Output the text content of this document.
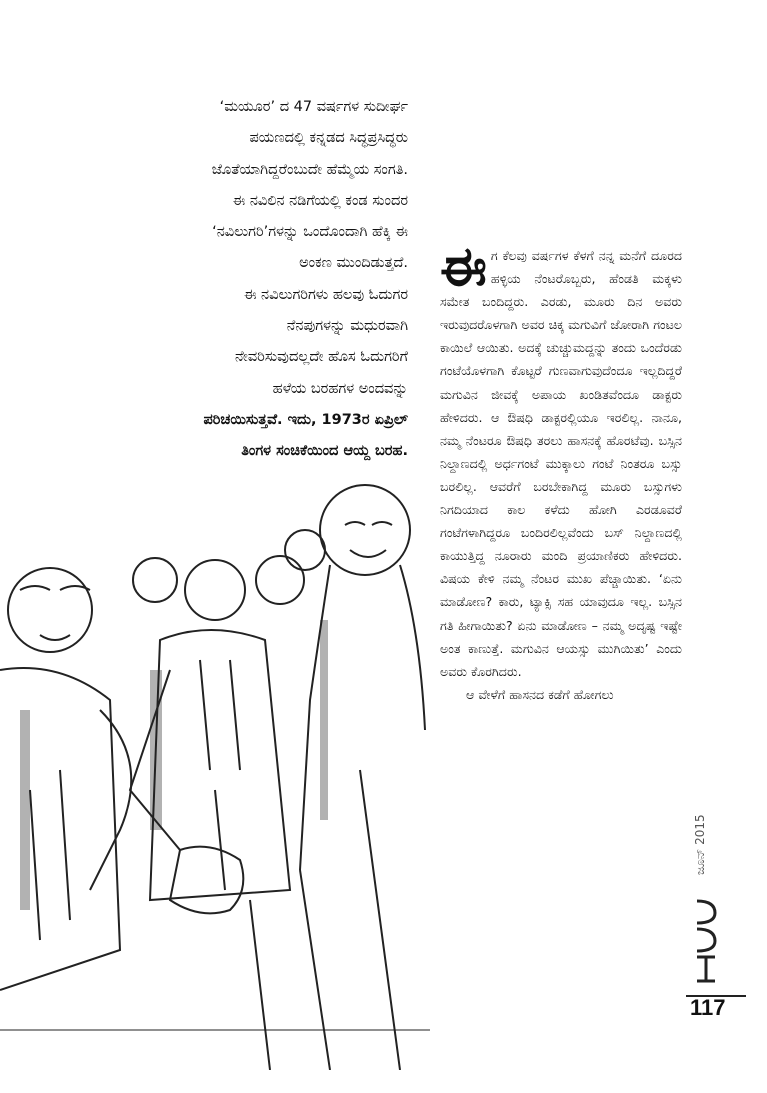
‘ಮಯೂರ’ ದ 47 ವರ್ಷಗಳ ಸುದೀರ್ಘ

ಪಯಣದಲ್ಲಿ ಕನ್ನಡದ ಸಿದ್ಧಪ್ರಸಿದ್ಧರು

ಜೊತೆಯಾಗಿದ್ದರೆಂಬುದೇ ಹೆಮ್ಮೆಯ ಸಂಗತಿ.

ಈ ನವಿಲಿನ ನಡಿಗೆಯಲ್ಲಿ ಕಂಡ ಸುಂದರ

‘ನವಿಲುಗರಿ’ಗಳನ್ನು ಒಂದೊಂದಾಗಿ ಹೆಕ್ಕಿ ಈ

ಅಂಕಣ ಮುಂದಿಡುತ್ತದೆ.

ಈ ನವಿಲುಗರಿಗಳು ಹಲವು ಓದುಗರ

ನೆನಪುಗಳನ್ನು ಮಧುರವಾಗಿ

ನೇವರಿಸುವುದಲ್ಲದೇ ಹೊಸ ಓದುಗರಿಗೆ

ಹಳೆಯ ಬರಹಗಳ ಅಂದವನ್ನು

ಪರಿಚಯಿಸುತ್ತವೆ. ಇದು, 1973ರ ಏಪ್ರಿಲ್

ತಿಂಗಳ ಸಂಚಿಕೆಯಿಂದ ಆಯ್ದ ಬರಹ.

ಈಗ ಕೆಲವು ವರ್ಷಗಳ ಕೆಳಗೆ ನನ್ನ ಮನೆಗೆ ದೂರದ ಹಳ್ಳಿಯ ನೆಂಟರೊಬ್ಬರು, ಹೆಂಡತಿ ಮಕ್ಕಳು ಸಮೇತ ಬಂದಿದ್ದರು. ಎರಡು, ಮೂರು ದಿನ ಅವರು ಇರುವುದರೊಳಗಾಗಿ ಅವರ ಚಿಕ್ಕ ಮಗುವಿಗೆ ಜೋರಾಗಿ ಗಂಟಲ ಕಾಯಿಲೆ ಆಯಿತು. ಅದಕ್ಕೆ ಚುಚ್ಚುಮದ್ದನ್ನು ತಂದು ಒಂದೆರಡು ಗಂಟೆಯೊಳಗಾಗಿ ಕೊಟ್ಟರೆ ಗುಣವಾಗುವುದೆಂದೂ ಇಲ್ಲದಿದ್ದರೆ ಮಗುವಿನ ಜೀವಕ್ಕೆ ಅಪಾಯ ಖಂಡಿತವೆಂದೂ ಡಾಕ್ಟರು ಹೇಳಿದರು. ಆ ಔಷಧಿ ಡಾಕ್ಟರಲ್ಲಿಯೂ ಇರಲಿಲ್ಲ. ನಾನೂ, ನಮ್ಮ ನೆಂಟರೂ ಔಷಧಿ ತರಲು ಹಾಸನಕ್ಕೆ ಹೊರಟೆವು. ಬಸ್ಸಿನ ನಿಲ್ದಾಣದಲ್ಲಿ ಅರ್ಧಗಂಟೆ ಮುಕ್ಕಾಲು ಗಂಟೆ ನಿಂತರೂ ಬಸ್ಸು ಬರಲಿಲ್ಲ. ಆವರೆಗೆ ಬರಬೇಕಾಗಿದ್ದ ಮೂರು ಬಸ್ಸುಗಳು ನಿಗದಿಯಾದ ಕಾಲ ಕಳೆದು ಹೋಗಿ ಎರಡೂವರೆ ಗಂಟೆಗಳಾಗಿದ್ದರೂ ಬಂದಿರಲಿಲ್ಲವೆಂದು ಬಸ್ ನಿಲ್ದಾಣದಲ್ಲಿ ಕಾಯುತ್ತಿದ್ದ ನೂರಾರು ಮಂದಿ ಪ್ರಯಾಣಿಕರು ಹೇಳಿದರು. ವಿಷಯ ಕೇಳಿ ನಮ್ಮ ನೆಂಟರ ಮುಖ ಪೆಚ್ಚಾಯಿತು. ‘ಏನು ಮಾಡೋಣ? ಕಾರು, ಟ್ಯಾಕ್ಸಿ ಸಹ ಯಾವುದೂ ಇಲ್ಲ. ಬಸ್ಸಿನ ಗತಿ ಹೀಗಾಯಿತು? ಏನು ಮಾಡೋಣ – ನಮ್ಮ ಅದೃಷ್ಟ ಇಷ್ಟೇ ಅಂತ ಕಾಣುತ್ತೆ. ಮಗುವಿನ ಆಯಸ್ಸು ಮುಗಿಯಿತು’ ಎಂದು ಅವರು ಕೊರಗಿದರು.

ಆ ವೇಳೆಗೆ ಹಾಸನದ ಕಡೆಗೆ ಹೋಗಲು

ಜೂನ್ 2015
117
